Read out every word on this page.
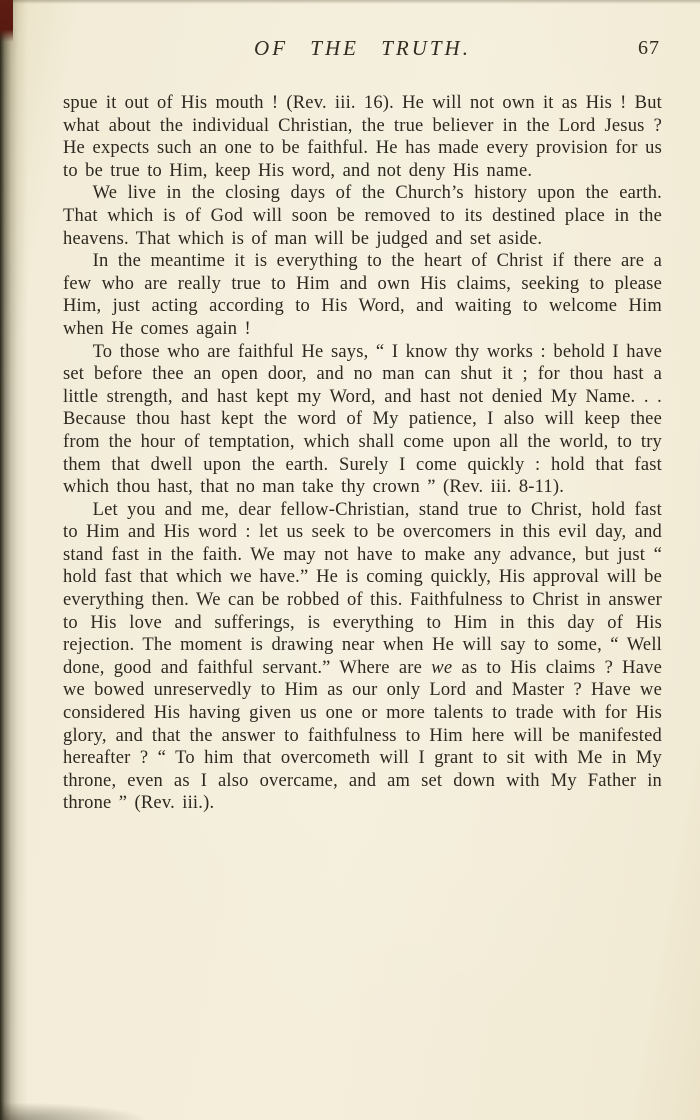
OF THE TRUTH.	67

spue it out of His mouth ! (Rev. iii. 16). He will not own it as His ! But what about the individual Christian, the true believer in the Lord Jesus ? He expects such an one to be faithful. He has made every provision for us to be true to Him, keep His word, and not deny His name.

We live in the closing days of the Church’s history upon the earth. That which is of God will soon be removed to its destined place in the heavens. That which is of man will be judged and set aside.

In the meantime it is everything to the heart of Christ if there are a few who are really true to Him and own His claims, seeking to please Him, just acting according to His Word, and waiting to welcome Him when He comes again !

To those who are faithful He says, “ I know thy works : behold I have set before thee an open door, and no man can shut it ; for thou hast a little strength, and hast kept my Word, and hast not denied My Name. . . Because thou hast kept the word of My patience, I also will keep thee from the hour of temptation, which shall come upon all the world, to try them that dwell upon the earth. Surely I come quickly : hold that fast which thou hast, that no man take thy crown ” (Rev. iii. 8-11).

Let you and me, dear fellow-Christian, stand true to Christ, hold fast to Him and His word : let us seek to be overcomers in this evil day, and stand fast in the faith. We may not have to make any advance, but just “ hold fast that which we have.” He is coming quickly, His approval will be everything then. We can be robbed of this. Faithfulness to Christ in answer to His love and sufferings, is everything to Him in this day of His rejection. The moment is drawing near when He will say to some, “ Well done, good and faithful servant.” Where are we as to His claims ? Have we bowed unreservedly to Him as our only Lord and Master ? Have we considered His having given us one or more talents to trade with for His glory, and that the answer to faithfulness to Him here will be manifested hereafter ? “ To him that overcometh will I grant to sit with Me in My throne, even as I also overcame, and am set down with My Father in throne ” (Rev. iii.).
